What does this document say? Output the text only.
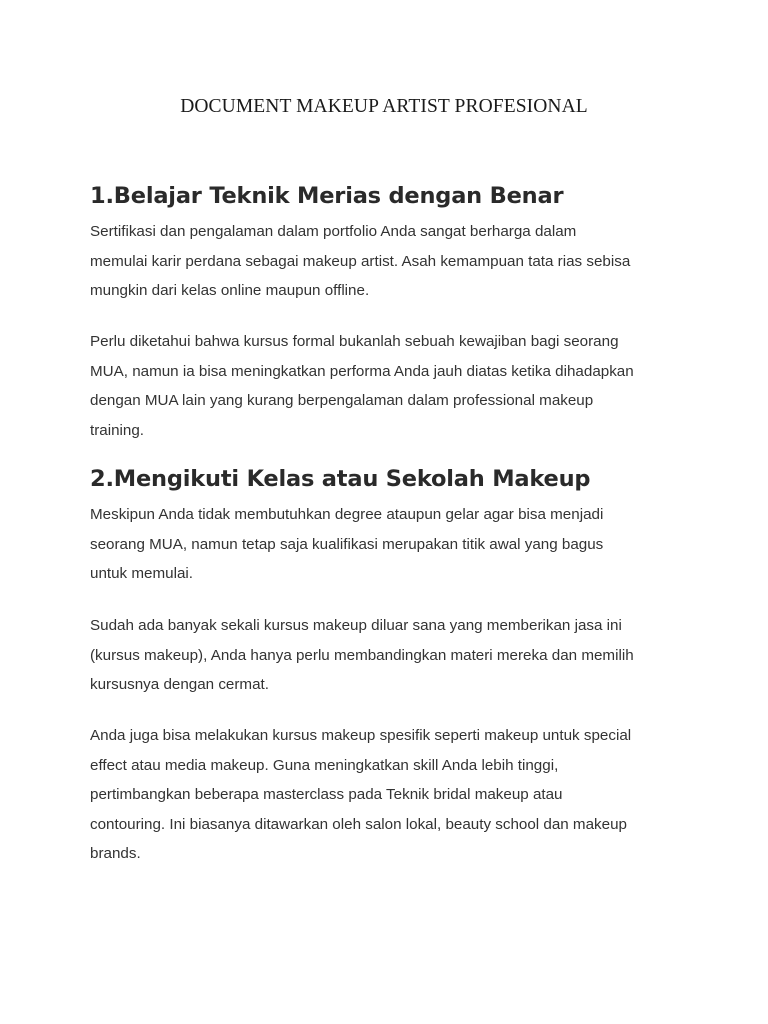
DOCUMENT MAKEUP ARTIST PROFESIONAL
1.Belajar Teknik Merias dengan Benar

Sertifikasi dan pengalaman dalam portfolio Anda sangat berharga dalam
memulai karir perdana sebagai makeup artist. Asah kemampuan tata rias sebisa
mungkin dari kelas online maupun offline.

Perlu diketahui bahwa kursus formal bukanlah sebuah kewajiban bagi seorang
MUA, namun ia bisa meningkatkan performa Anda jauh diatas ketika dihadapkan
dengan MUA lain yang kurang berpengalaman dalam professional makeup
training.

2.Mengikuti Kelas atau Sekolah Makeup

Meskipun Anda tidak membutuhkan degree ataupun gelar agar bisa menjadi
seorang MUA, namun tetap saja kualifikasi merupakan titik awal yang bagus
untuk memulai.

Sudah ada banyak sekali kursus makeup diluar sana yang memberikan jasa ini
(kursus makeup), Anda hanya perlu membandingkan materi mereka dan memilih
kursusnya dengan cermat.

Anda juga bisa melakukan kursus makeup spesifik seperti makeup untuk special
effect atau media makeup. Guna meningkatkan skill Anda lebih tinggi,
pertimbangkan beberapa masterclass pada Teknik bridal makeup atau
contouring. Ini biasanya ditawarkan oleh salon lokal, beauty school dan makeup
brands.
